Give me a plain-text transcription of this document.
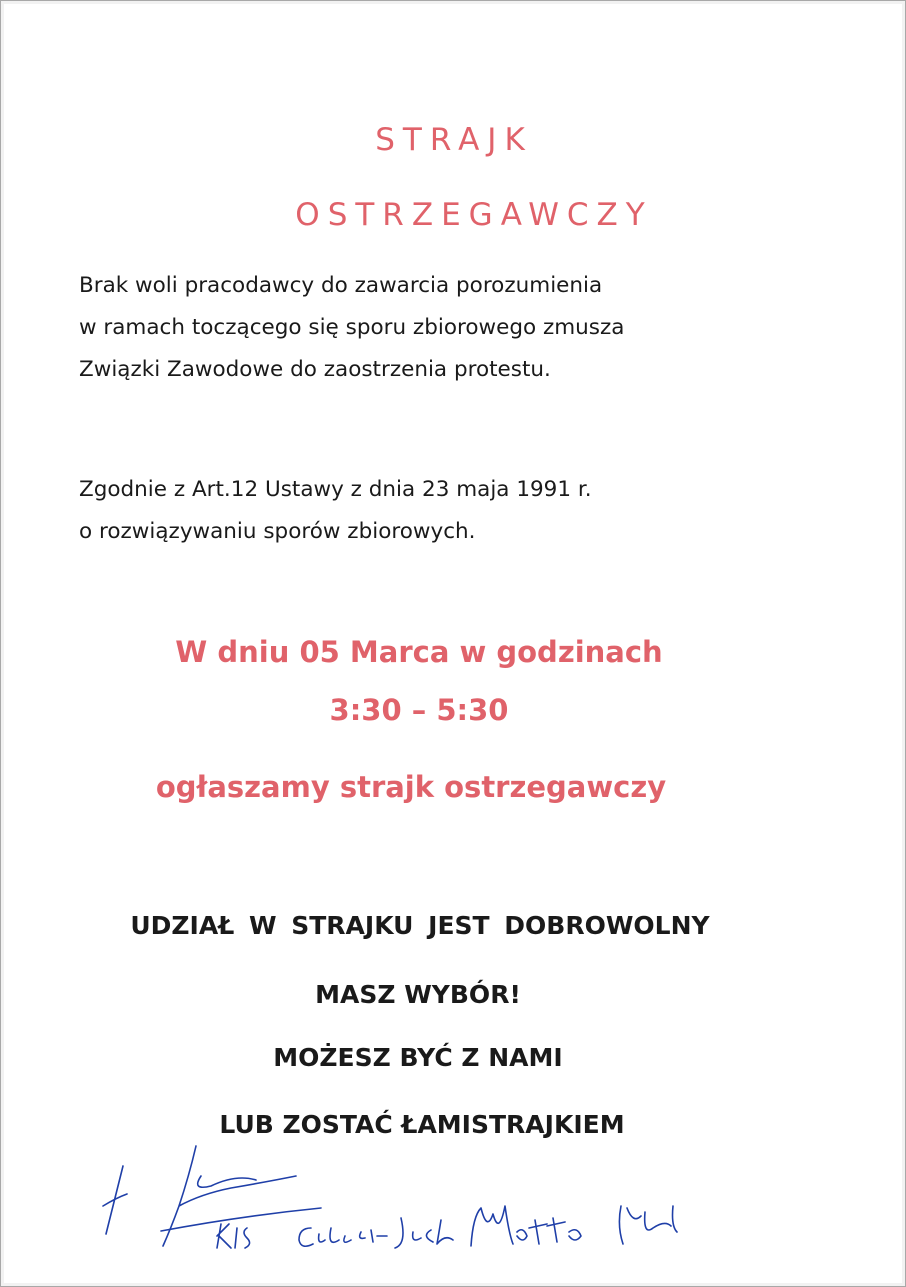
STRAJK
OSTRZEGAWCZY
Brak woli pracodawcy do zawarcia porozumienia
w ramach toczącego się sporu zbiorowego zmusza
Związki Zawodowe do zaostrzenia protestu.
Zgodnie z Art.12 Ustawy z dnia 23 maja 1991 r.
o rozwiązywaniu sporów zbiorowych.
W dniu 05 Marca w godzinach
3:30 – 5:30
ogłaszamy strajk ostrzegawczy
UDZIAŁ W STRAJKU JEST DOBROWOLNY
MASZ WYBÓR!
MOŻESZ BYĆ Z NAMI
LUB ZOSTAĆ ŁAMISTRAJKIEM
